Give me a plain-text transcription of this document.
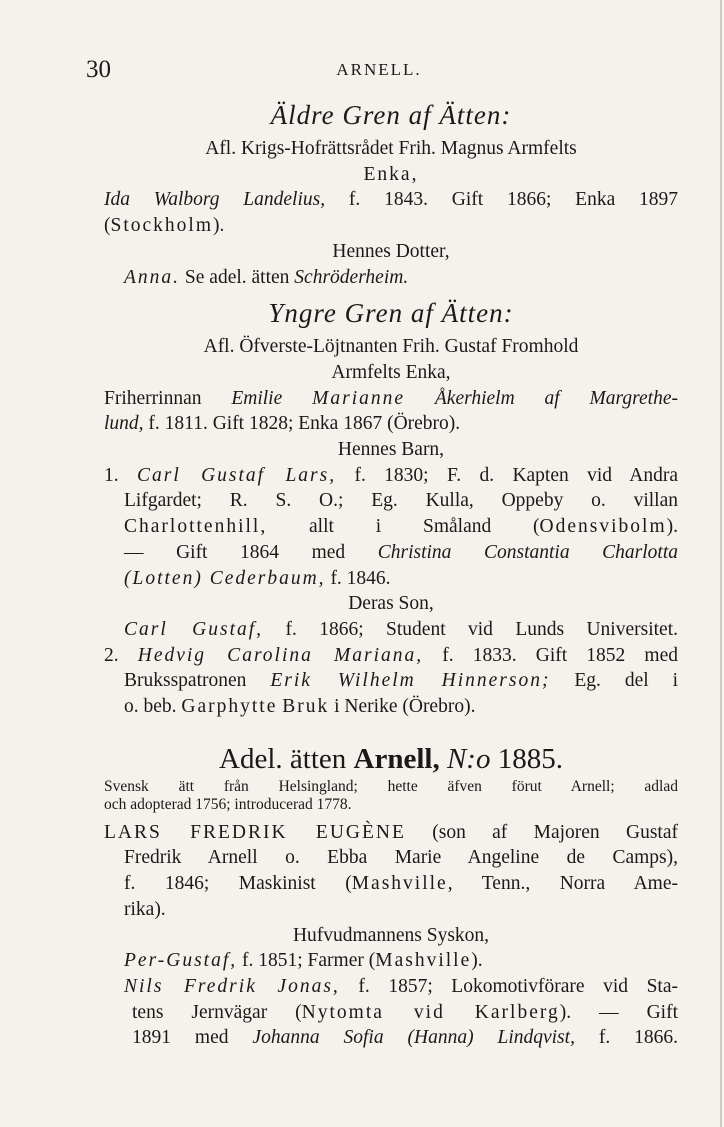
30	ARNELL.
Äldre Gren af Ätten:
Afl. Krigs-Hofrättsrådet Frih. Magnus Armfelts
Enka,
Ida Walborg Landelius, f. 1843. Gift 1866; Enka 1897
(Stockholm).
Hennes Dotter,
Anna. Se adel. ätten Schröderheim.
Yngre Gren af Ätten:
Afl. Öfverste-Löjtnanten Frih. Gustaf Fromhold
Armfelts Enka,
Friherrinnan Emilie Marianne Åkerhielm af Margrethe-
lund, f. 1811. Gift 1828; Enka 1867 (Örebro).
Hennes Barn,
1. Carl Gustaf Lars, f. 1830; F. d. Kapten vid Andra
Lifgardet; R. S. O.; Eg. Kulla, Oppeby o. villan
Charlottenhill, allt i Småland (Odensvibolm).
— Gift 1864 med Christina Constantia Charlotta
(Lotten) Cederbaum, f. 1846.
Deras Son,
Carl Gustaf, f. 1866; Student vid Lunds Universitet.
2. Hedvig Carolina Mariana, f. 1833. Gift 1852 med
Bruksspatronen Erik Wilhelm Hinnerson; Eg. del i
o. beb. Garphytte Bruk i Nerike (Örebro).
Adel. ätten Arnell, N:o 1885.
Svensk ätt från Helsingland; hette äfven förut Arnell; adlad
och adopterad 1756; introducerad 1778.
LARS FREDRIK EUGÈNE (son af Majoren Gustaf
Fredrik Arnell o. Ebba Marie Angeline de Camps),
f. 1846; Maskinist (Mashville, Tenn., Norra Ame-
rika).
Hufvudmannens Syskon,
Per-Gustaf, f. 1851; Farmer (Mashville).
Nils Fredrik Jonas, f. 1857; Lokomotivförare vid Sta-
tens Jernvägar (Nytomta vid Karlberg). — Gift
1891 med Johanna Sofia (Hanna) Lindqvist, f. 1866.
